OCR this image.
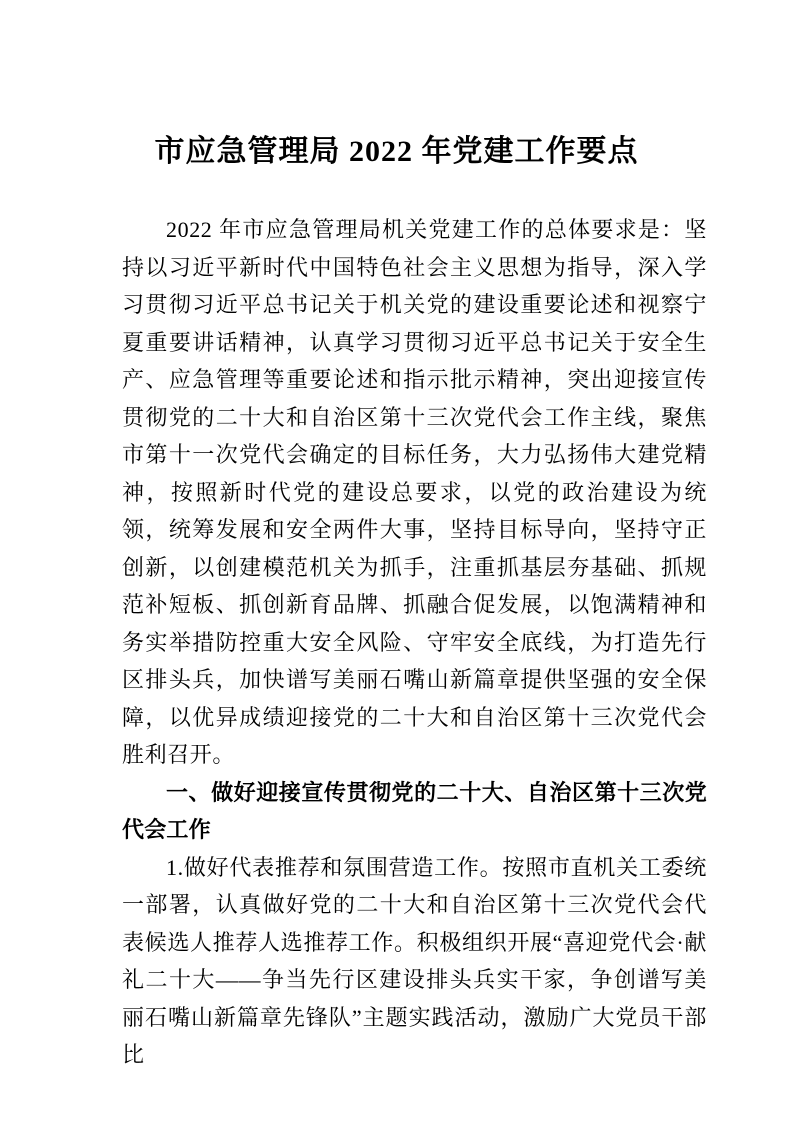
市应急管理局 2022 年党建工作要点

2022 年市应急管理局机关党建工作的总体要求是：坚持以习近平新时代中国特色社会主义思想为指导，深入学习贯彻习近平总书记关于机关党的建设重要论述和视察宁夏重要讲话精神，认真学习贯彻习近平总书记关于安全生产、应急管理等重要论述和指示批示精神，突出迎接宣传贯彻党的二十大和自治区第十三次党代会工作主线，聚焦市第十一次党代会确定的目标任务，大力弘扬伟大建党精神，按照新时代党的建设总要求，以党的政治建设为统领，统筹发展和安全两件大事，坚持目标导向，坚持守正创新，以创建模范机关为抓手，注重抓基层夯基础、抓规范补短板、抓创新育品牌、抓融合促发展，以饱满精神和务实举措防控重大安全风险、守牢安全底线，为打造先行区排头兵，加快谱写美丽石嘴山新篇章提供坚强的安全保障，以优异成绩迎接党的二十大和自治区第十三次党代会胜利召开。

一、做好迎接宣传贯彻党的二十大、自治区第十三次党代会工作

1.做好代表推荐和氛围营造工作。按照市直机关工委统一部署，认真做好党的二十大和自治区第十三次党代会代表候选人推荐人选推荐工作。积极组织开展“喜迎党代会·献礼二十大——争当先行区建设排头兵实干家，争创谱写美丽石嘴山新篇章先锋队”主题实践活动，激励广大党员干部比
